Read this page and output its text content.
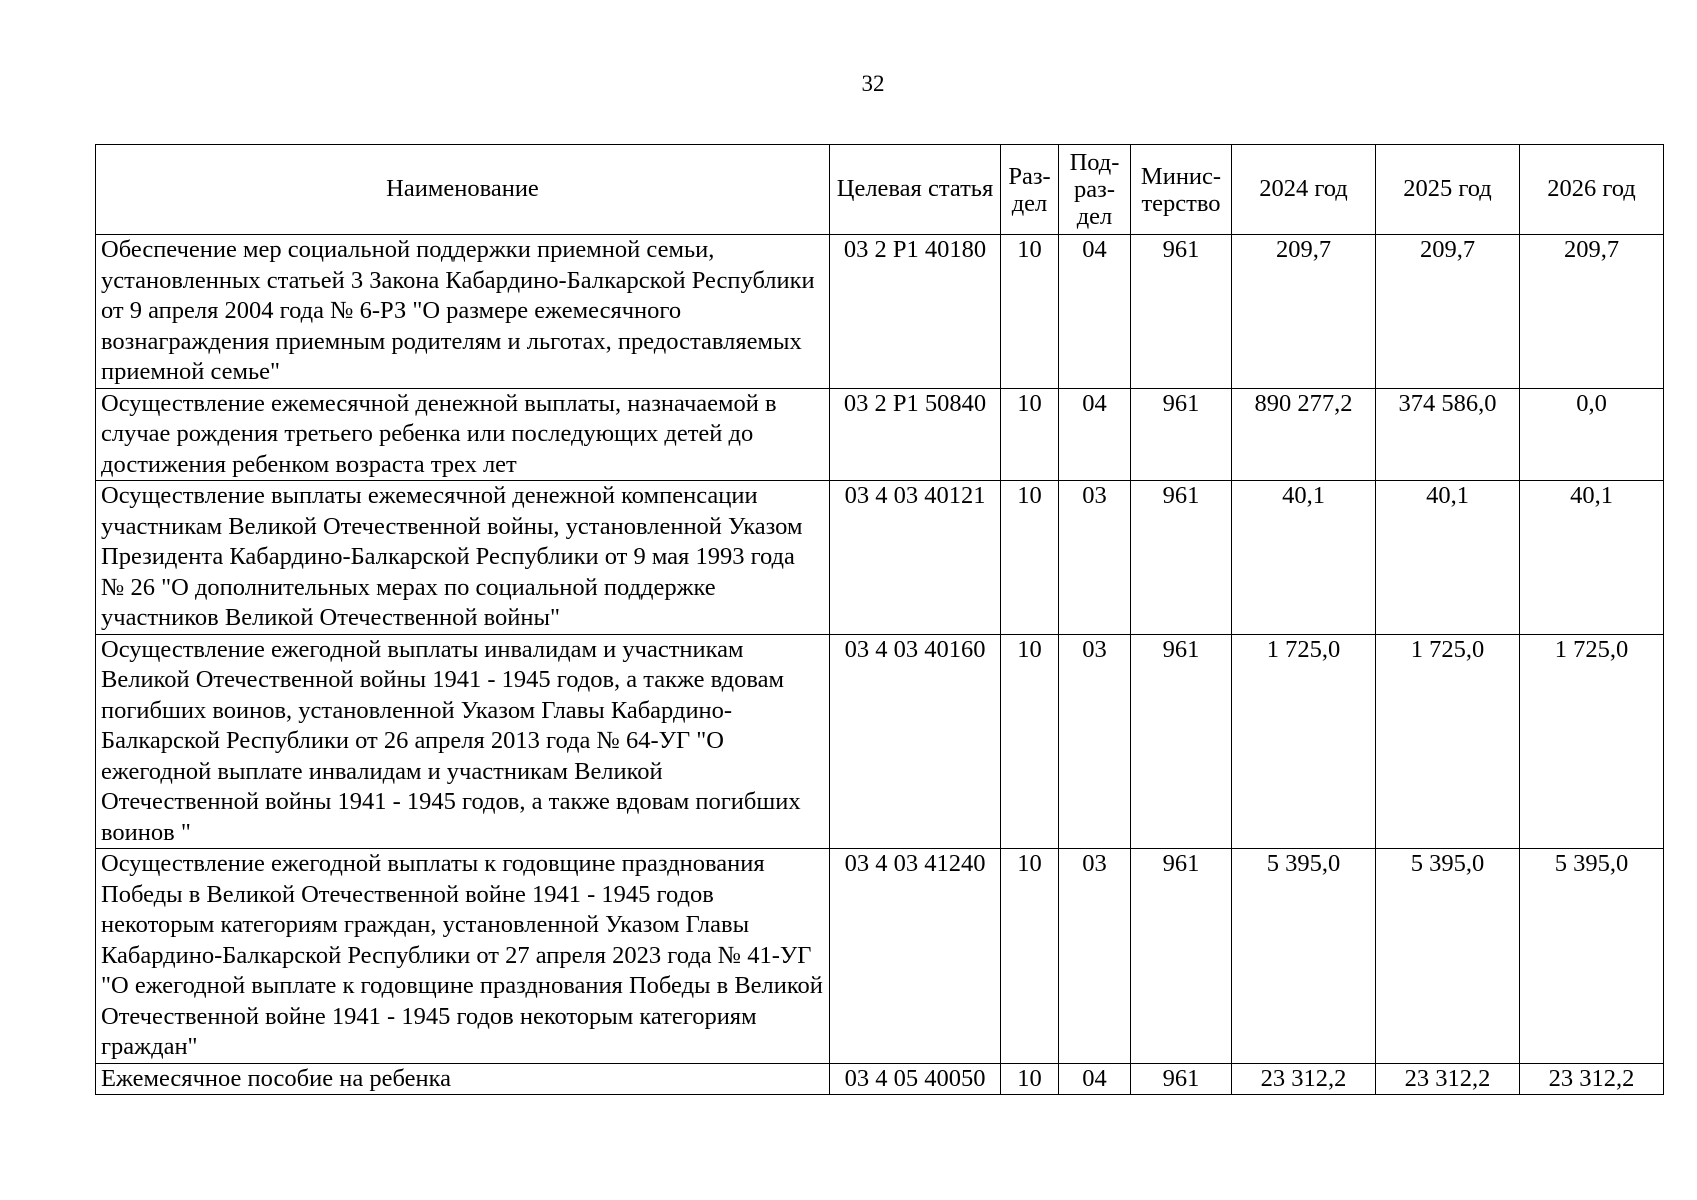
32
Наименование	Целевая статья	Раз-дел	Под-раз-дел	Минис-терство	2024 год	2025 год	2026 год
Обеспечение мер социальной поддержки приемной семьи, установленных статьей 3 Закона Кабардино-Балкарской Республики от 9 апреля 2004 года № 6-РЗ "О размере ежемесячного вознаграждения приемным родителям и льготах, предоставляемых приемной семье"	03 2 Р1 40180	10	04	961	209,7	209,7	209,7
Осуществление ежемесячной денежной выплаты, назначаемой в случае рождения третьего ребенка или последующих детей до достижения ребенком возраста трех лет	03 2 Р1 50840	10	04	961	890 277,2	374 586,0	0,0
Осуществление выплаты ежемесячной денежной компенсации участникам Великой Отечественной войны, установленной Указом Президента Кабардино-Балкарской Республики от 9 мая 1993 года № 26 "О дополнительных мерах по социальной поддержке участников Великой Отечественной войны"	03 4 03 40121	10	03	961	40,1	40,1	40,1
Осуществление ежегодной выплаты инвалидам и участникам Великой Отечественной войны 1941 - 1945 годов, а также вдовам погибших воинов, установленной Указом Главы Кабардино-Балкарской Республики от 26 апреля 2013 года № 64-УГ "О ежегодной выплате инвалидам и участникам Великой Отечественной войны 1941 - 1945 годов, а также вдовам погибших воинов "	03 4 03 40160	10	03	961	1 725,0	1 725,0	1 725,0
Осуществление ежегодной выплаты к годовщине празднования Победы в Великой Отечественной войне 1941 - 1945 годов некоторым категориям граждан, установленной Указом Главы Кабардино-Балкарской Республики от 27 апреля 2023 года № 41-УГ "О ежегодной выплате к годовщине празднования Победы в Великой Отечественной войне 1941 - 1945 годов некоторым категориям граждан"	03 4 03 41240	10	03	961	5 395,0	5 395,0	5 395,0
Ежемесячное пособие на ребенка	03 4 05 40050	10	04	961	23 312,2	23 312,2	23 312,2
